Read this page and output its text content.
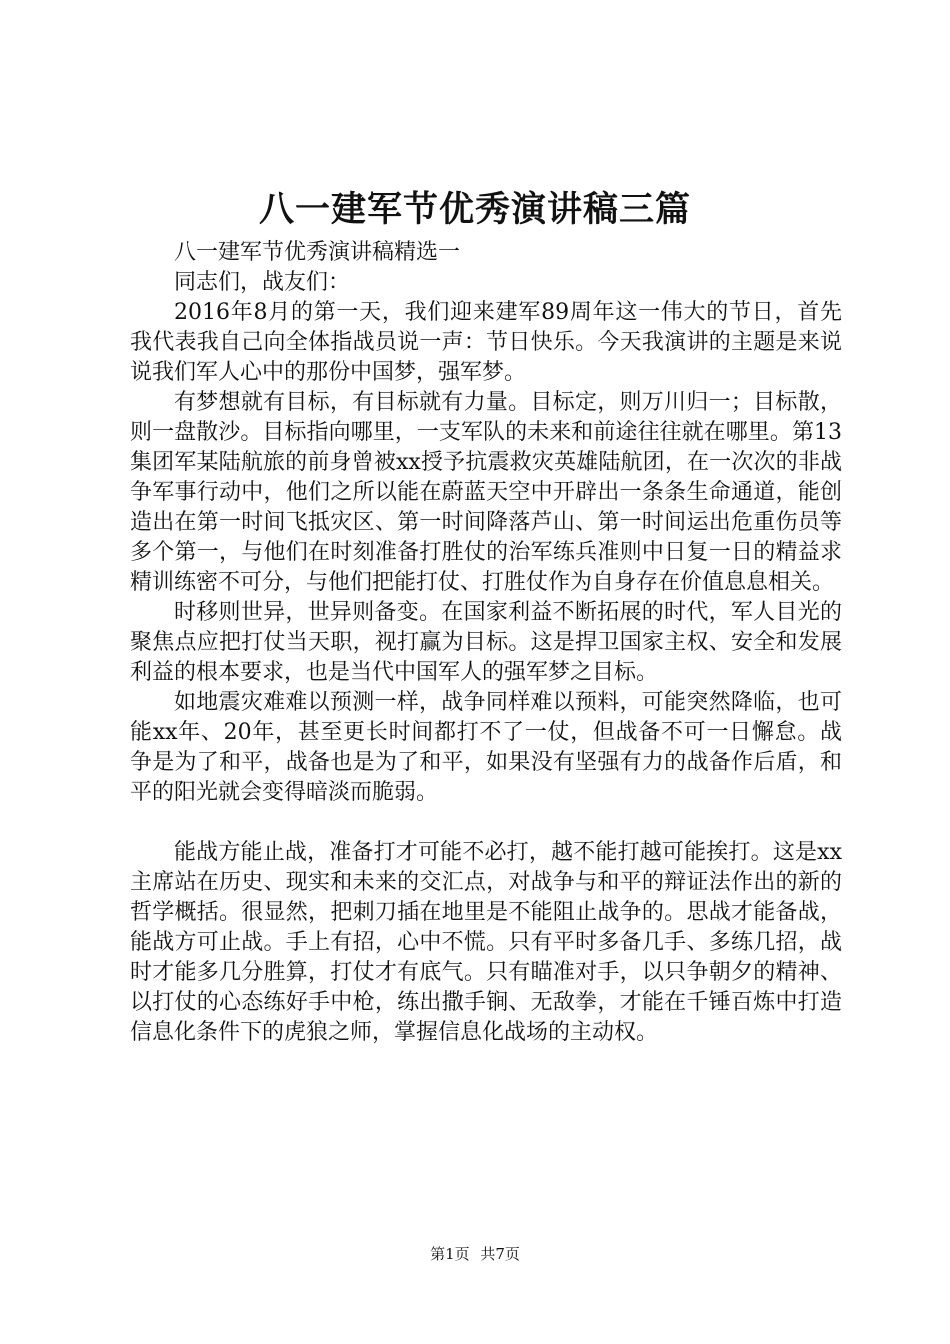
八一建军节优秀演讲稿三篇

八一建军节优秀演讲稿精选一

同志们，战友们：

2016年8月的第一天，我们迎来建军89周年这一伟大的节日，首先我代表我自己向全体指战员说一声：节日快乐。今天我演讲的主题是来说说我们军人心中的那份中国梦，强军梦。

有梦想就有目标，有目标就有力量。目标定，则万川归一；目标散，则一盘散沙。目标指向哪里，一支军队的未来和前途往往就在哪里。第13集团军某陆航旅的前身曾被xx授予抗震救灾英雄陆航团，在一次次的非战争军事行动中，他们之所以能在蔚蓝天空中开辟出一条条生命通道，能创造出在第一时间飞抵灾区、第一时间降落芦山、第一时间运出危重伤员等多个第一，与他们在时刻准备打胜仗的治军练兵准则中日复一日的精益求精训练密不可分，与他们把能打仗、打胜仗作为自身存在价值息息相关。

时移则世异，世异则备变。在国家利益不断拓展的时代，军人目光的聚焦点应把打仗当天职，视打赢为目标。这是捍卫国家主权、安全和发展利益的根本要求，也是当代中国军人的强军梦之目标。

如地震灾难难以预测一样，战争同样难以预料，可能突然降临，也可能xx年、20年，甚至更长时间都打不了一仗，但战备不可一日懈怠。战争是为了和平，战备也是为了和平，如果没有坚强有力的战备作后盾，和平的阳光就会变得暗淡而脆弱。

能战方能止战，准备打才可能不必打，越不能打越可能挨打。这是xx主席站在历史、现实和未来的交汇点，对战争与和平的辩证法作出的新的哲学概括。很显然，把刺刀插在地里是不能阻止战争的。思战才能备战，能战方可止战。手上有招，心中不慌。只有平时多备几手、多练几招，战时才能多几分胜算，打仗才有底气。只有瞄准对手，以只争朝夕的精神、以打仗的心态练好手中枪，练出撒手锏、无敌拳，才能在千锤百炼中打造信息化条件下的虎狼之师，掌握信息化战场的主动权。

第1页 共7页
